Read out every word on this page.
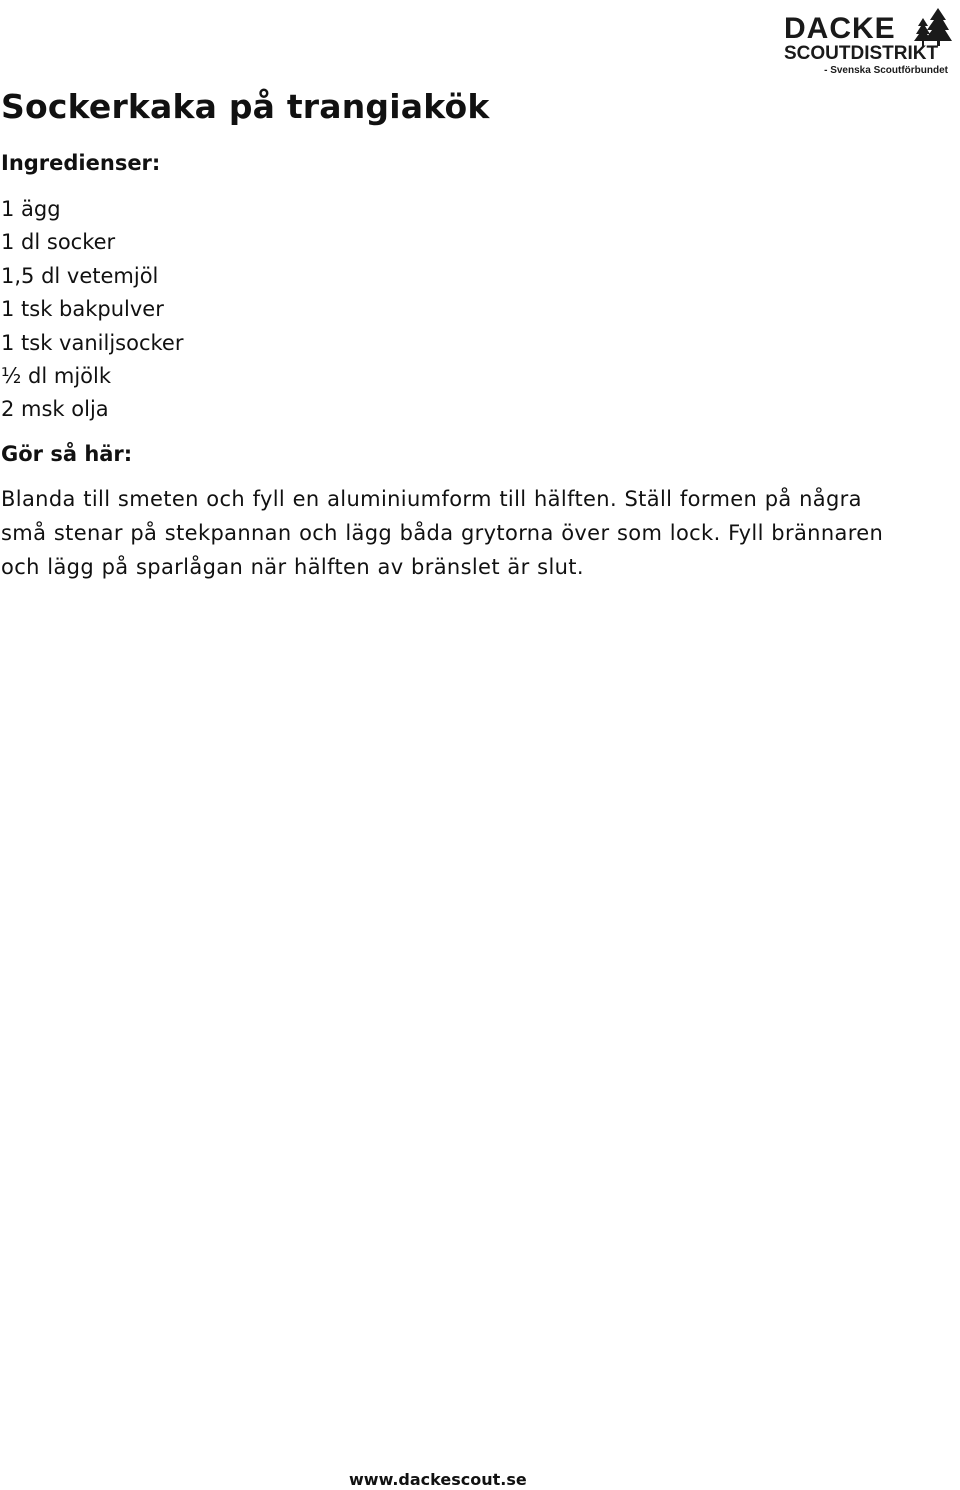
DACKE
SCOUTDISTRIKT
- Svenska Scoutförbundet
Sockerkaka på trangiakök
Ingredienser:
1 ägg
1 dl socker
1,5 dl vetemjöl
1 tsk bakpulver
1 tsk vaniljsocker
½ dl mjölk
2 msk olja
Gör så här:

Blanda till smeten och fyll en aluminiumform till hälften. Ställ formen på några små stenar på stekpannan och lägg båda grytorna över som lock. Fyll brännaren och lägg på sparlågan när hälften av bränslet är slut.

www.dackescout.se
